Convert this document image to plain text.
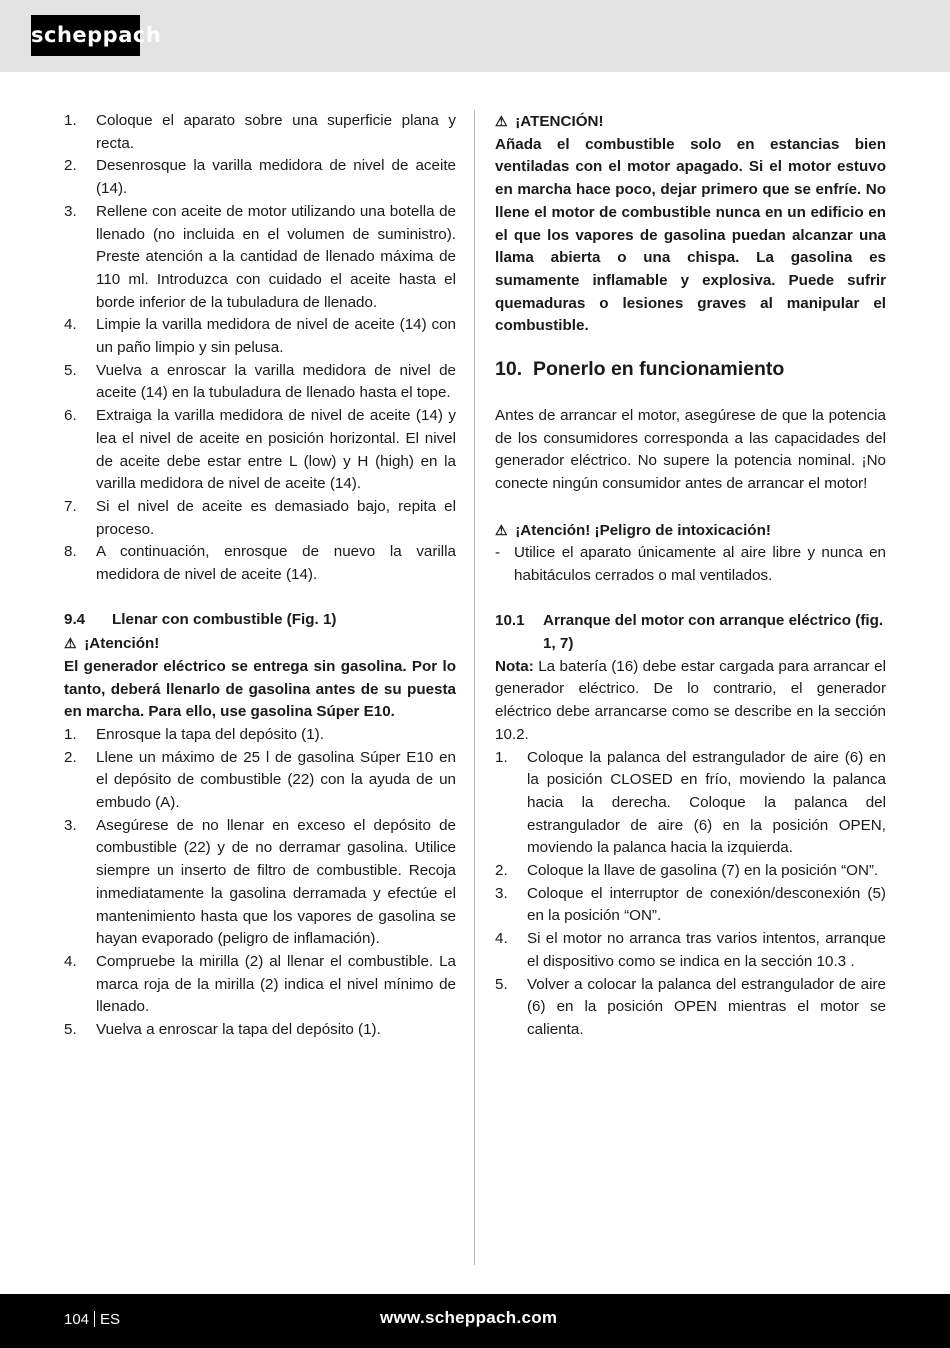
scheppach
1. Coloque el aparato sobre una superficie plana y recta.
2. Desenrosque la varilla medidora de nivel de aceite (14).
3. Rellene con aceite de motor utilizando una botella de llenado (no incluida en el volumen de suministro). Preste atención a la cantidad de llenado máxima de 110 ml. Introduzca con cuidado el aceite hasta el borde inferior de la tubuladura de llenado.
4. Limpie la varilla medidora de nivel de aceite (14) con un paño limpio y sin pelusa.
5. Vuelva a enroscar la varilla medidora de nivel de aceite (14) en la tubuladura de llenado hasta el tope.
6. Extraiga la varilla medidora de nivel de aceite (14) y lea el nivel de aceite en posición horizontal. El nivel de aceite debe estar entre L (low) y H (high) en la varilla medidora de nivel de aceite (14).
7. Si el nivel de aceite es demasiado bajo, repita el proceso.
8. A continuación, enrosque de nuevo la varilla medidora de nivel de aceite (14).
9.4 Llenar con combustible (Fig. 1)
⚠ ¡Atención!
El generador eléctrico se entrega sin gasolina. Por lo tanto, deberá llenarlo de gasolina antes de su puesta en marcha. Para ello, use gasolina Súper E10.
1. Enrosque la tapa del depósito (1).
2. Llene un máximo de 25 l de gasolina Súper E10 en el depósito de combustible (22) con la ayuda de un embudo (A).
3. Asegúrese de no llenar en exceso el depósito de combustible (22) y de no derramar gasolina. Utilice siempre un inserto de filtro de combustible. Recoja inmediatamente la gasolina derramada y efectúe el mantenimiento hasta que los vapores de gasolina se hayan evaporado (peligro de inflamación).
4. Compruebe la mirilla (2) al llenar el combustible. La marca roja de la mirilla (2) indica el nivel mínimo de llenado.
5. Vuelva a enroscar la tapa del depósito (1).
⚠ ¡ATENCIÓN!
Añada el combustible solo en estancias bien ventiladas con el motor apagado. Si el motor estuvo en marcha hace poco, dejar primero que se enfríe. No llene el motor de combustible nunca en un edificio en el que los vapores de gasolina puedan alcanzar una llama abierta o una chispa. La gasolina es sumamente inflamable y explosiva. Puede sufrir quemaduras o lesiones graves al manipular el combustible.
10. Ponerlo en funcionamiento
Antes de arrancar el motor, asegúrese de que la potencia de los consumidores corresponda a las capacidades del generador eléctrico. No supere la potencia nominal. ¡No conecte ningún consumidor antes de arrancar el motor!
⚠ ¡Atención! ¡Peligro de intoxicación!
- Utilice el aparato únicamente al aire libre y nunca en habitáculos cerrados o mal ventilados.
10.1 Arranque del motor con arranque eléctrico (fig. 1, 7)
Nota: La batería (16) debe estar cargada para arrancar el generador eléctrico. De lo contrario, el generador eléctrico debe arrancarse como se describe en la sección 10.2.
1. Coloque la palanca del estrangulador de aire (6) en la posición CLOSED en frío, moviendo la palanca hacia la derecha. Coloque la palanca del estrangulador de aire (6) en la posición OPEN, moviendo la palanca hacia la izquierda.
2. Coloque la llave de gasolina (7) en la posición “ON”.
3. Coloque el interruptor de conexión/desconexión (5) en la posición “ON”.
4. Si el motor no arranca tras varios intentos, arranque el dispositivo como se indica en la sección 10.3 .
5. Volver a colocar la palanca del estrangulador de aire (6) en la posición OPEN mientras el motor se calienta.
104 ES	www.scheppach.com
